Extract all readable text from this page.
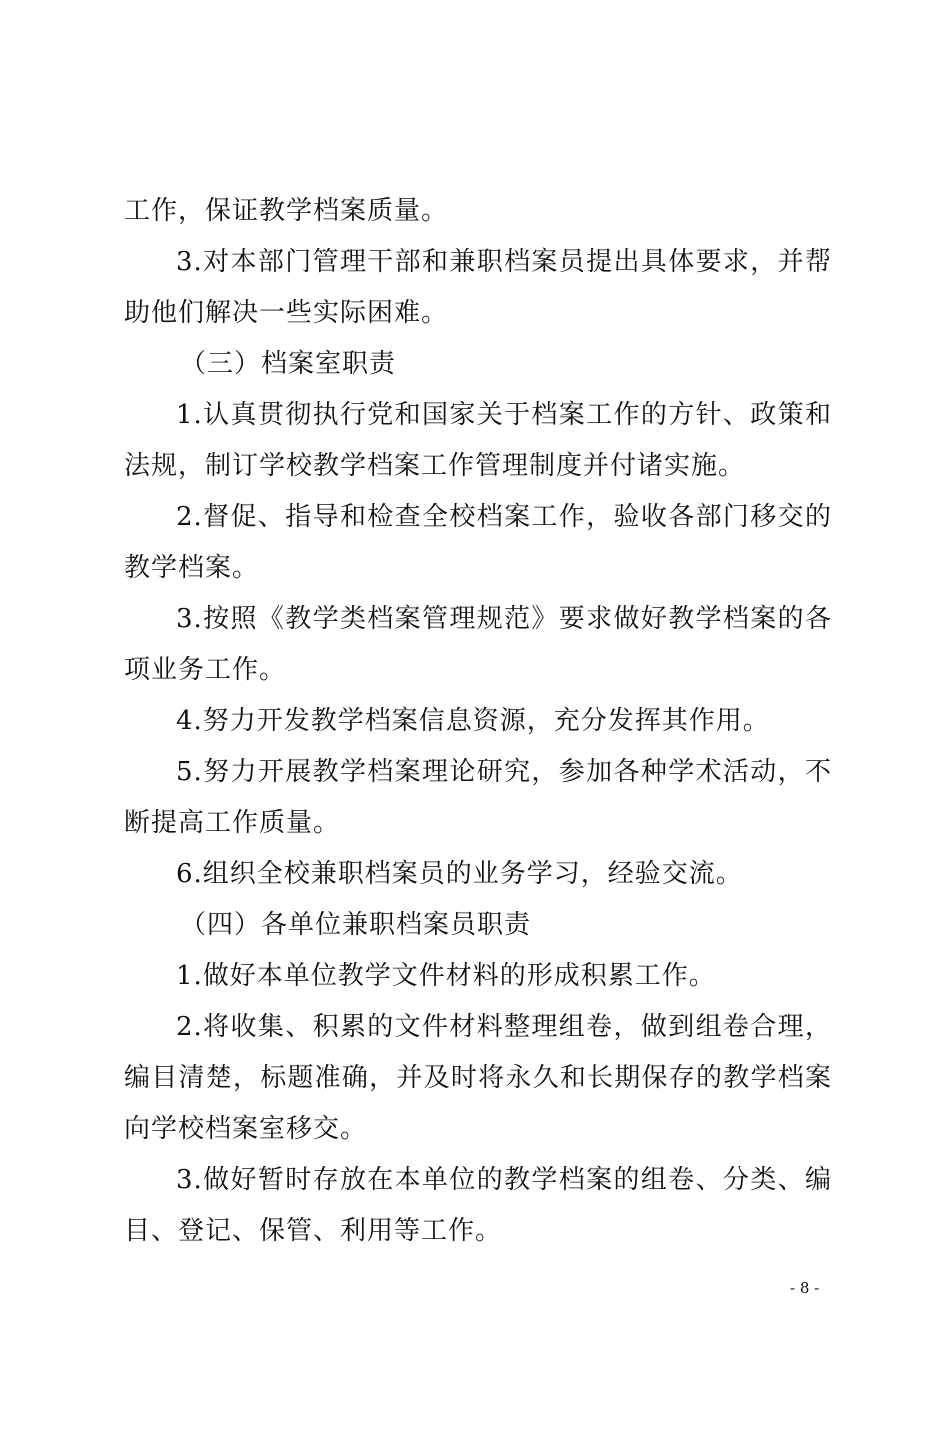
工作，保证教学档案质量。

3.对本部门管理干部和兼职档案员提出具体要求，并帮助他们解决一些实际困难。

（三）档案室职责

1.认真贯彻执行党和国家关于档案工作的方针、政策和法规，制订学校教学档案工作管理制度并付诸实施。

2.督促、指导和检查全校档案工作，验收各部门移交的教学档案。

3.按照《教学类档案管理规范》要求做好教学档案的各项业务工作。

4.努力开发教学档案信息资源，充分发挥其作用。

5.努力开展教学档案理论研究，参加各种学术活动，不断提高工作质量。

6.组织全校兼职档案员的业务学习，经验交流。

（四）各单位兼职档案员职责

1.做好本单位教学文件材料的形成积累工作。

2.将收集、积累的文件材料整理组卷，做到组卷合理，编目清楚，标题准确，并及时将永久和长期保存的教学档案向学校档案室移交。

3.做好暂时存放在本单位的教学档案的组卷、分类、编目、登记、保管、利用等工作。

- 8 -
